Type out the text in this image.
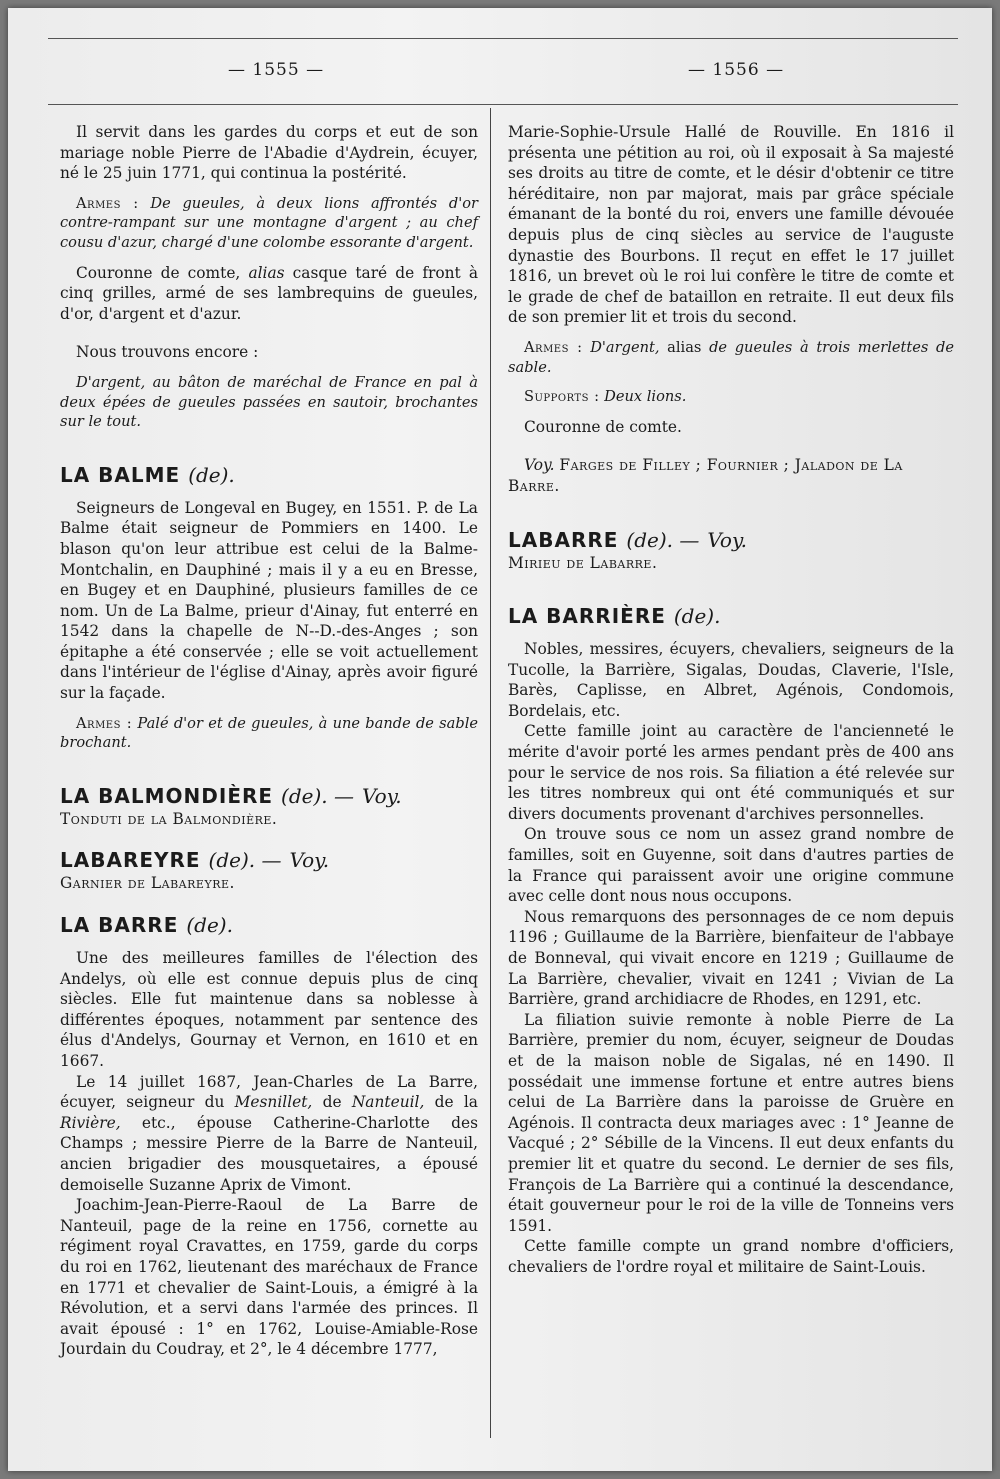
— 1555 —	— 1556 —

Il servit dans les gardes du corps et eut de son mariage noble Pierre de l'Abadie d'Aydrein, écuyer, né le 25 juin 1771, qui continua la postérité.

Armes : De gueules, à deux lions affrontés d'or contre-rampant sur une montagne d'argent ; au chef cousu d'azur, chargé d'une colombe essorante d'argent.

Couronne de comte, alias casque taré de front à cinq grilles, armé de ses lambrequins de gueules, d'or, d'argent et d'azur.

Nous trouvons encore :

D'argent, au bâton de maréchal de France en pal à deux épées de gueules passées en sautoir, brochantes sur le tout.

LA BALME (de).

Seigneurs de Longeval en Bugey, en 1551. P. de La Balme était seigneur de Pommiers en 1400. Le blason qu'on leur attribue est celui de la Balme-Montchalin, en Dauphiné ; mais il y a eu en Bresse, en Bugey et en Dauphiné, plusieurs familles de ce nom. Un de La Balme, prieur d'Ainay, fut enterré en 1542 dans la chapelle de N--D.-des-Anges ; son épitaphe a été conservée ; elle se voit actuellement dans l'intérieur de l'église d'Ainay, après avoir figuré sur la façade.

Armes : Palé d'or et de gueules, à une bande de sable brochant.

LA BALMONDIÈRE (de). — Voy.

Tonduti de la Balmondière.

LABAREYRE (de). — Voy.

Garnier de Labareyre.

LA BARRE (de).

Une des meilleures familles de l'élection des Andelys, où elle est connue depuis plus de cinq siècles. Elle fut maintenue dans sa noblesse à différentes époques, notamment par sentence des élus d'Andelys, Gournay et Vernon, en 1610 et en 1667.

Le 14 juillet 1687, Jean-Charles de La Barre, écuyer, seigneur du Mesnillet, de Nanteuil, de la Rivière, etc., épouse Catherine-Charlotte des Champs ; messire Pierre de la Barre de Nanteuil, ancien brigadier des mousquetaires, a épousé demoiselle Suzanne Aprix de Vimont.

Joachim-Jean-Pierre-Raoul de La Barre de Nanteuil, page de la reine en 1756, cornette au régiment royal Cravattes, en 1759, garde du corps du roi en 1762, lieutenant des maréchaux de France en 1771 et chevalier de Saint-Louis, a émigré à la Révolution, et a servi dans l'armée des princes. Il avait épousé : 1° en 1762, Louise-Amiable-Rose Jourdain du Coudray, et 2°, le 4 décembre 1777,

Marie-Sophie-Ursule Hallé de Rouville. En 1816 il présenta une pétition au roi, où il exposait à Sa majesté ses droits au titre de comte, et le désir d'obtenir ce titre héréditaire, non par majorat, mais par grâce spéciale émanant de la bonté du roi, envers une famille dévouée depuis plus de cinq siècles au service de l'auguste dynastie des Bourbons. Il reçut en effet le 17 juillet 1816, un brevet où le roi lui confère le titre de comte et le grade de chef de bataillon en retraite. Il eut deux fils de son premier lit et trois du second.

Armes : D'argent, alias de gueules à trois merlettes de sable.

Supports : Deux lions.

Couronne de comte.

Voy. Farges de Filley ; Fournier ; Jaladon de La Barre.

LABARRE (de). — Voy.

Mirieu de Labarre.

LA BARRIÈRE (de).

Nobles, messires, écuyers, chevaliers, seigneurs de la Tucolle, la Barrière, Sigalas, Doudas, Claverie, l'Isle, Barès, Caplisse, en Albret, Agénois, Condomois, Bordelais, etc.

Cette famille joint au caractère de l'ancienneté le mérite d'avoir porté les armes pendant près de 400 ans pour le service de nos rois. Sa filiation a été relevée sur les titres nombreux qui ont été communiqués et sur divers documents provenant d'archives personnelles.

On trouve sous ce nom un assez grand nombre de familles, soit en Guyenne, soit dans d'autres parties de la France qui paraissent avoir une origine commune avec celle dont nous nous occupons.

Nous remarquons des personnages de ce nom depuis 1196 ; Guillaume de la Barrière, bienfaiteur de l'abbaye de Bonneval, qui vivait encore en 1219 ; Guillaume de La Barrière, chevalier, vivait en 1241 ; Vivian de La Barrière, grand archidiacre de Rhodes, en 1291, etc.

La filiation suivie remonte à noble Pierre de La Barrière, premier du nom, écuyer, seigneur de Doudas et de la maison noble de Sigalas, né en 1490. Il possédait une immense fortune et entre autres biens celui de La Barrière dans la paroisse de Gruère en Agénois. Il contracta deux mariages avec : 1° Jeanne de Vacqué ; 2° Sébille de la Vincens. Il eut deux enfants du premier lit et quatre du second. Le dernier de ses fils, François de La Barrière qui a continué la descendance, était gouverneur pour le roi de la ville de Tonneins vers 1591.

Cette famille compte un grand nombre d'officiers, chevaliers de l'ordre royal et militaire de Saint-Louis.
